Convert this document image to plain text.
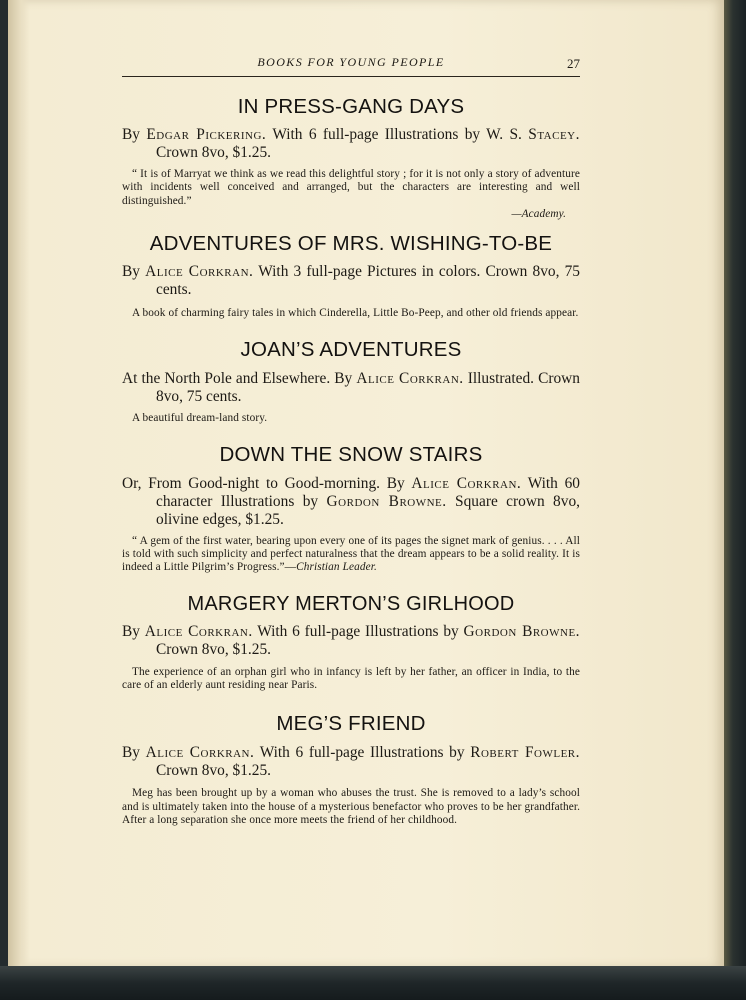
BOOKS FOR YOUNG PEOPLE	27
IN PRESS-GANG DAYS

By Edgar Pickering. With 6 full-page Illustrations by W. S. Stacey. Crown 8vo, $1.25.

“ It is of Marryat we think as we read this delightful story ; for it is not only a story of adventure with incidents well conceived and arranged, but the characters are interesting and well distinguished.”
—Academy.

ADVENTURES OF MRS. WISHING-TO-BE

By Alice Corkran. With 3 full-page Pictures in colors. Crown 8vo, 75 cents.

A book of charming fairy tales in which Cinderella, Little Bo-Peep, and other old friends appear.

JOAN’S ADVENTURES

At the North Pole and Elsewhere. By Alice Corkran. Illustrated. Crown 8vo, 75 cents.

A beautiful dream-land story.

DOWN THE SNOW STAIRS

Or, From Good-night to Good-morning. By Alice Corkran. With 60 character Illustrations by Gordon Browne. Square crown 8vo, olivine edges, $1.25.

“ A gem of the first water, bearing upon every one of its pages the signet mark of genius. . . . All is told with such simplicity and perfect naturalness that the dream appears to be a solid reality. It is indeed a Little Pilgrim’s Progress.”—Christian Leader.

MARGERY MERTON’S GIRLHOOD

By Alice Corkran. With 6 full-page Illustrations by Gordon Browne. Crown 8vo, $1.25.

The experience of an orphan girl who in infancy is left by her father, an officer in India, to the care of an elderly aunt residing near Paris.

MEG’S FRIEND

By Alice Corkran. With 6 full-page Illustrations by Robert Fowler. Crown 8vo, $1.25.

Meg has been brought up by a woman who abuses the trust. She is removed to a lady’s school and is ultimately taken into the house of a mysterious benefactor who proves to be her grandfather. After a long separation she once more meets the friend of her childhood.
